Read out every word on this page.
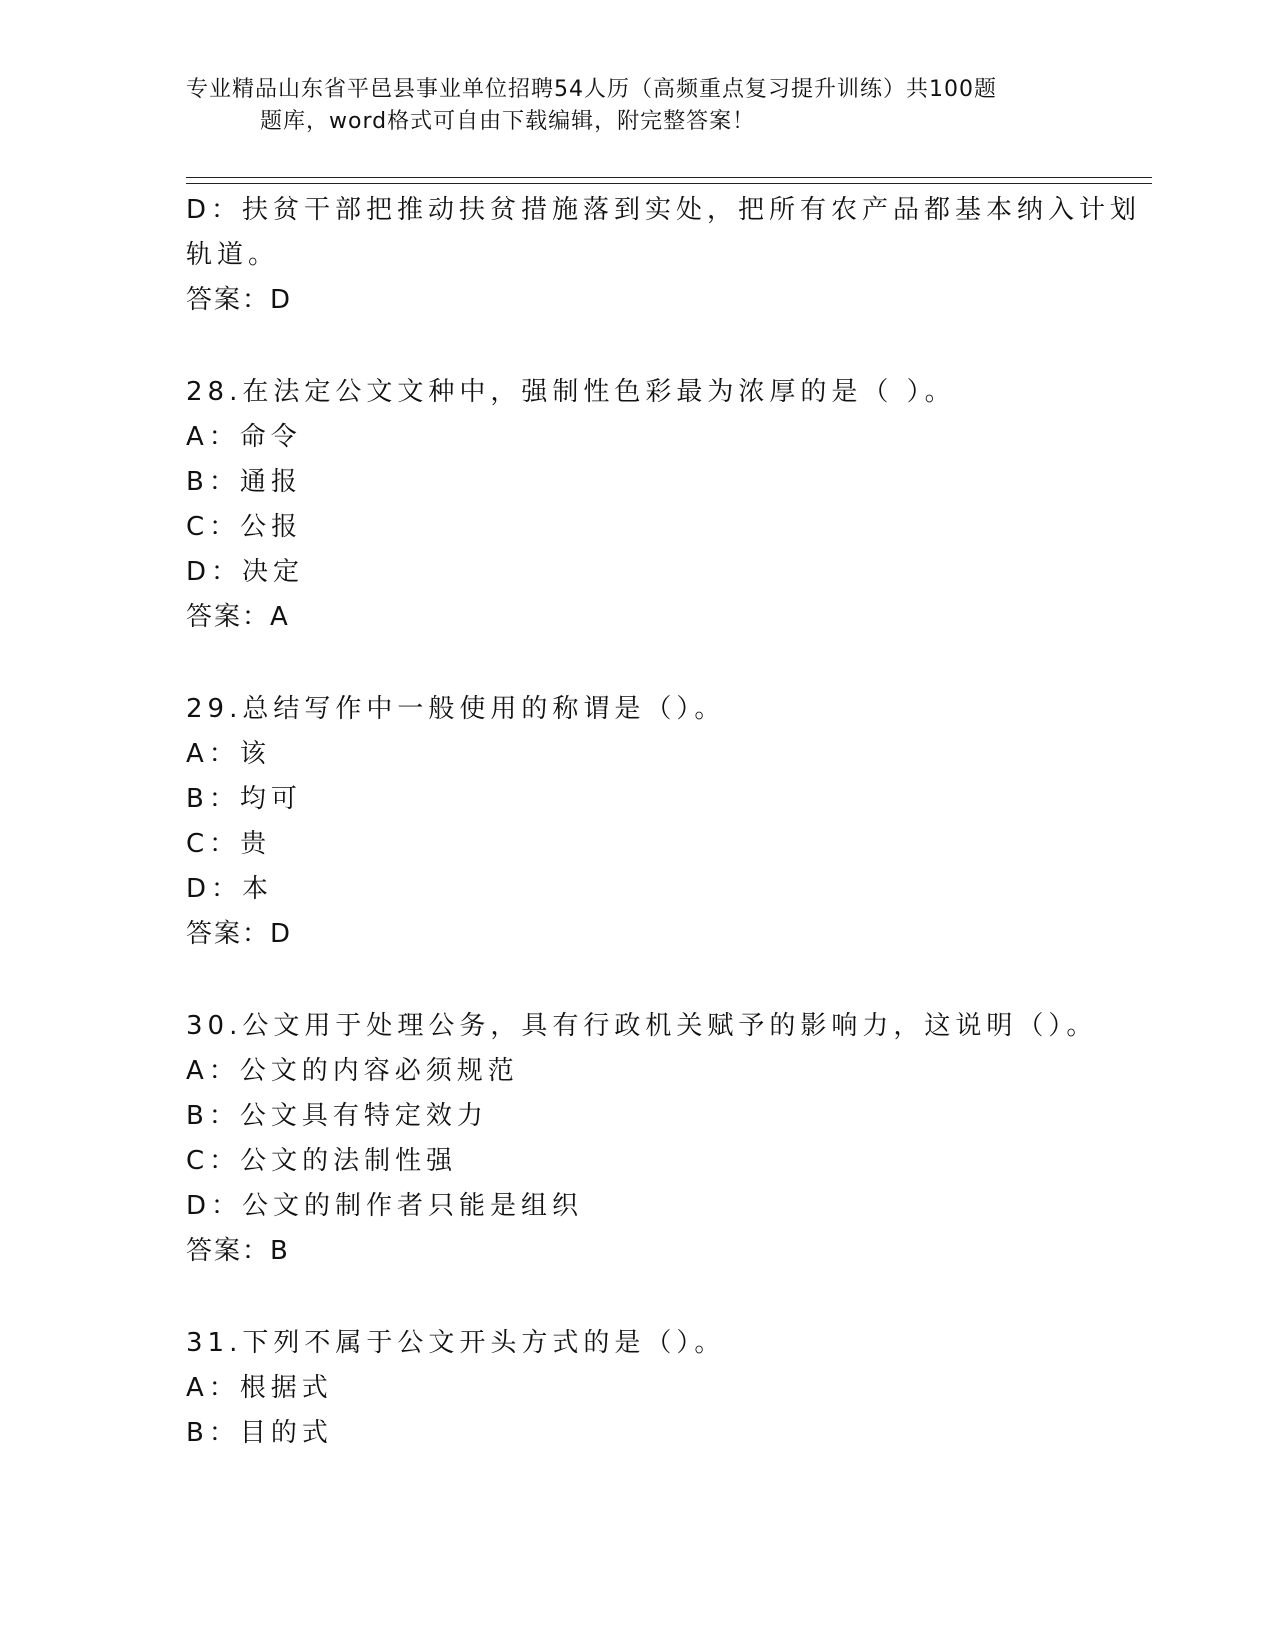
专业精品山东省平邑县事业单位招聘54人历（高频重点复习提升训练）共100题
题库，word格式可自由下载编辑，附完整答案！
D：扶贫干部把推动扶贫措施落到实处，把所有农产品都基本纳入计划
轨道。
答案：D
28.在法定公文文种中，强制性色彩最为浓厚的是（ ）。
A：命令
B：通报
C：公报
D：决定
答案：A
29.总结写作中一般使用的称谓是（）。
A：该
B：均可
C：贵
D：本
答案：D
30.公文用于处理公务，具有行政机关赋予的影响力，这说明（）。
A：公文的内容必须规范
B：公文具有特定效力
C：公文的法制性强
D：公文的制作者只能是组织
答案：B
31.下列不属于公文开头方式的是（）。
A：根据式
B：目的式
